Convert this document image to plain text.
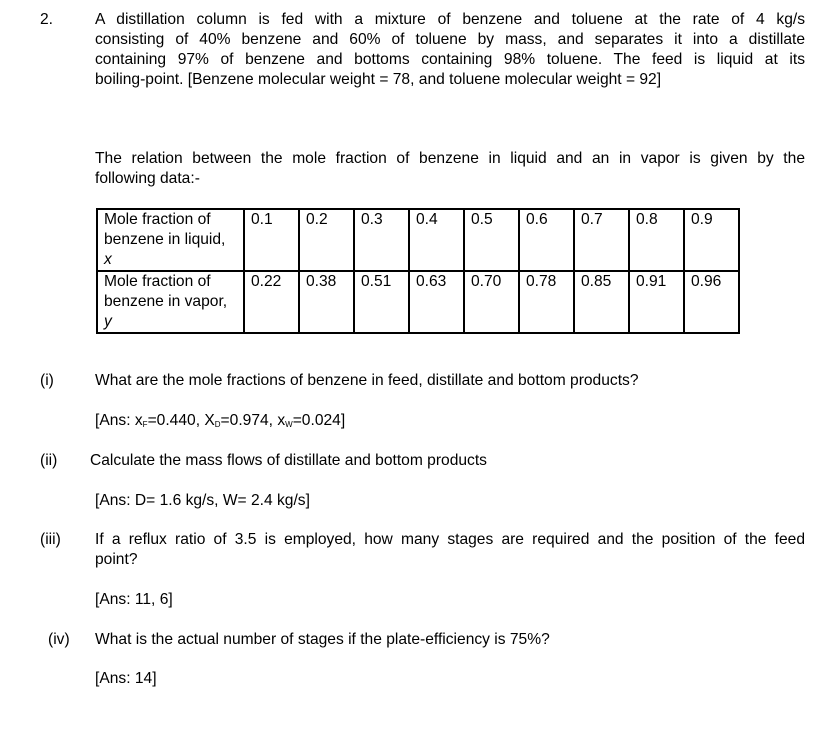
2.	A distillation column is fed with a mixture of benzene and toluene at the rate of 4 kg/s
consisting of 40% benzene and 60% of toluene by mass, and separates it into a distillate
containing 97% of benzene and bottoms containing 98% toluene. The feed is liquid at its
boiling-point. [Benzene molecular weight = 78, and toluene molecular weight = 92]
The relation between the mole fraction of benzene in liquid and an in vapor is given by the
following data:-
Mole fraction of
benzene in liquid,
x	0.1	0.2	0.3	0.4	0.5	0.6	0.7	0.8	0.9

Mole fraction of
benzene in vapor,
y	0.22	0.38	0.51	0.63	0.70	0.78	0.85	0.91	0.96
(i)	What are the mole fractions of benzene in feed, distillate and bottom products?
[Ans: $x_F=0.440$, $X_D=0.974$, $x_W=0.024$]
(ii) Calculate the mass flows of distillate and bottom products
[Ans: D= 1.6 kg/s, W= 2.4 kg/s]
(iii) If a reflux ratio of 3.5 is employed, how many stages are required and the position of the feed
point?
[Ans: 11, 6]
(iv) What is the actual number of stages if the plate-efficiency is 75%?
[Ans: 14]
